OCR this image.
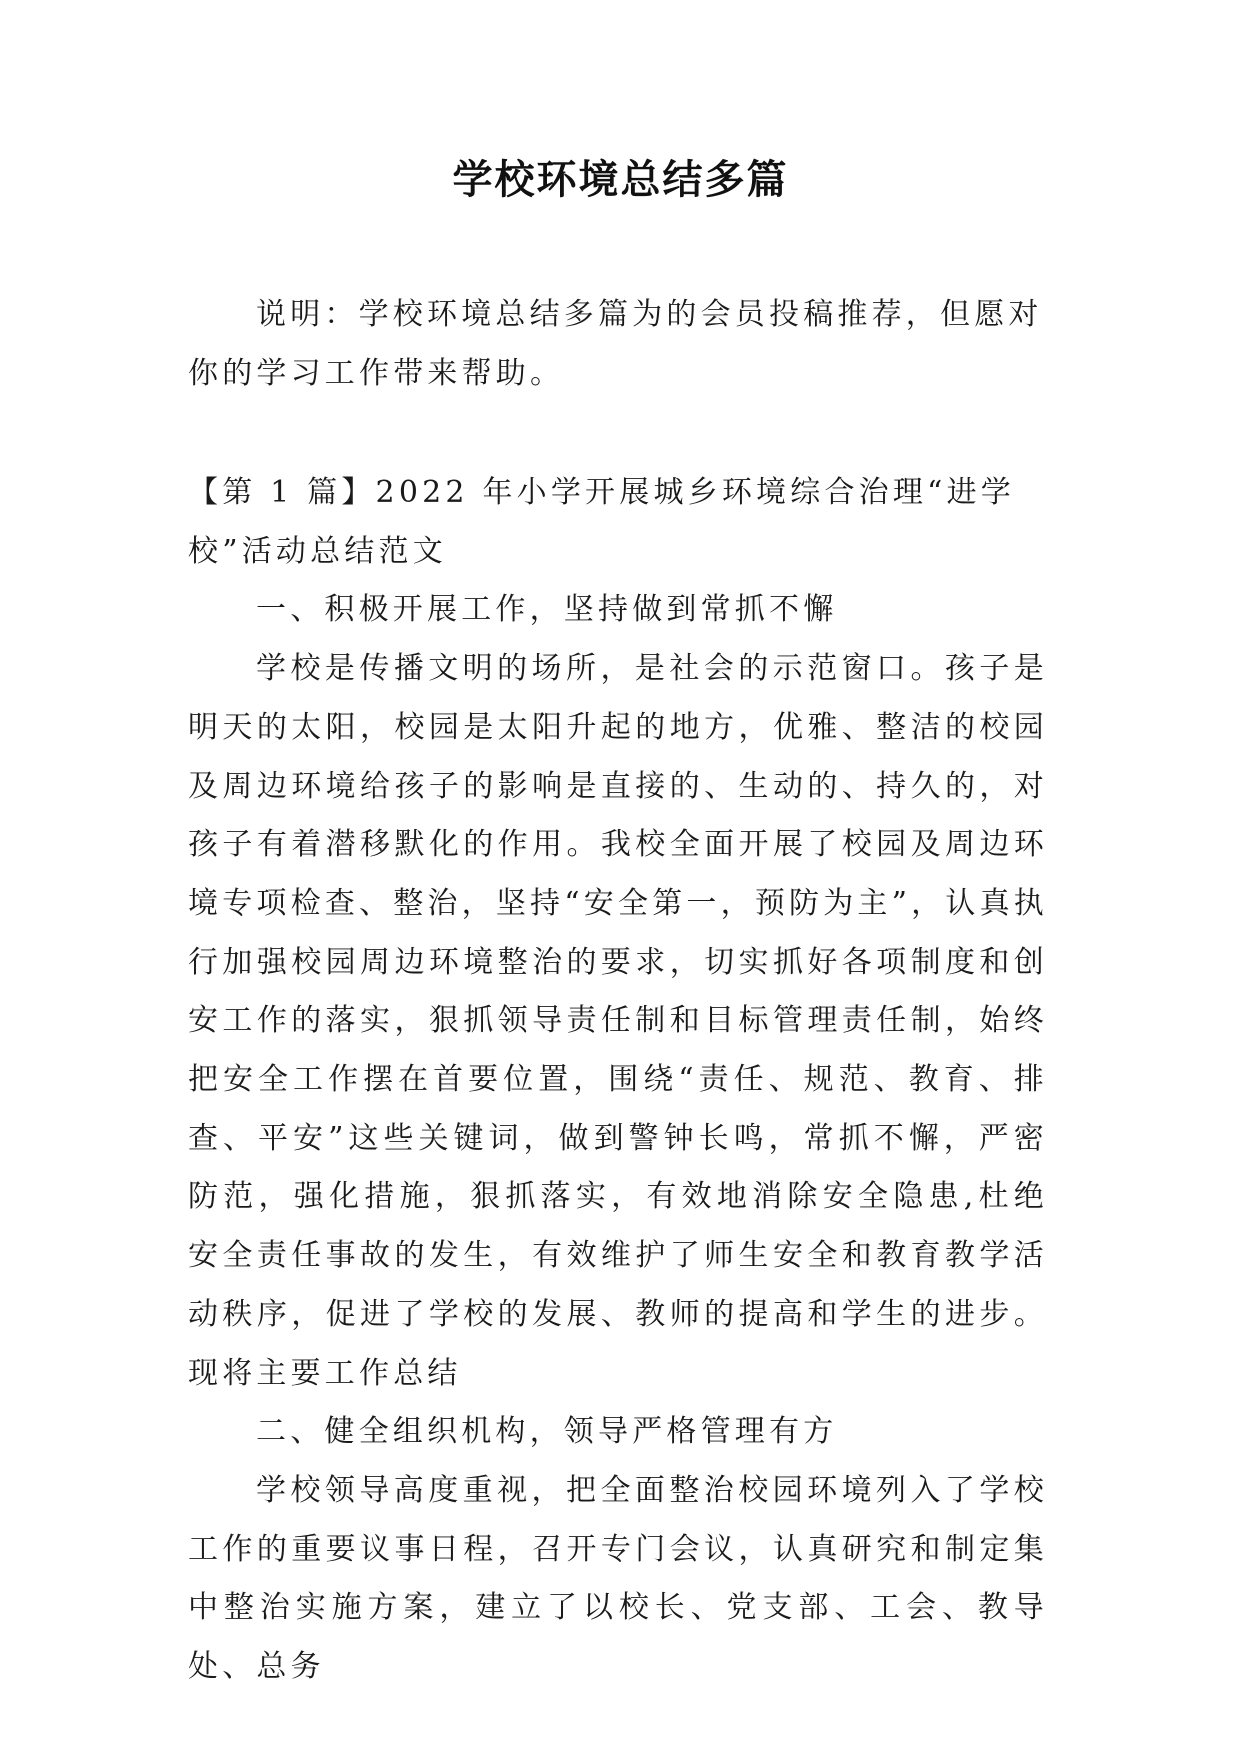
学校环境总结多篇

说明：学校环境总结多篇为的会员投稿推荐，但愿对你的学习工作带来帮助。

【第 1 篇】2022 年小学开展城乡环境综合治理“进学校”活动总结范文

一、积极开展工作，坚持做到常抓不懈

学校是传播文明的场所，是社会的示范窗口。孩子是明天的太阳，校园是太阳升起的地方，优雅、整洁的校园及周边环境给孩子的影响是直接的、生动的、持久的，对孩子有着潜移默化的作用。我校全面开展了校园及周边环境专项检查、整治，坚持“安全第一，预防为主”，认真执行加强校园周边环境整治的要求，切实抓好各项制度和创安工作的落实，狠抓领导责任制和目标管理责任制，始终把安全工作摆在首要位置，围绕“责任、规范、教育、排查、平安”这些关键词，做到警钟长鸣，常抓不懈，严密防范，强化措施，狠抓落实，有效地消除安全隐患,杜绝安全责任事故的发生，有效维护了师生安全和教育教学活动秩序，促进了学校的发展、教师的提高和学生的进步。现将主要工作总结

二、健全组织机构，领导严格管理有方

学校领导高度重视，把全面整治校园环境列入了学校工作的重要议事日程，召开专门会议，认真研究和制定集中整治实施方案，建立了以校长、党支部、工会、教导处、总务
